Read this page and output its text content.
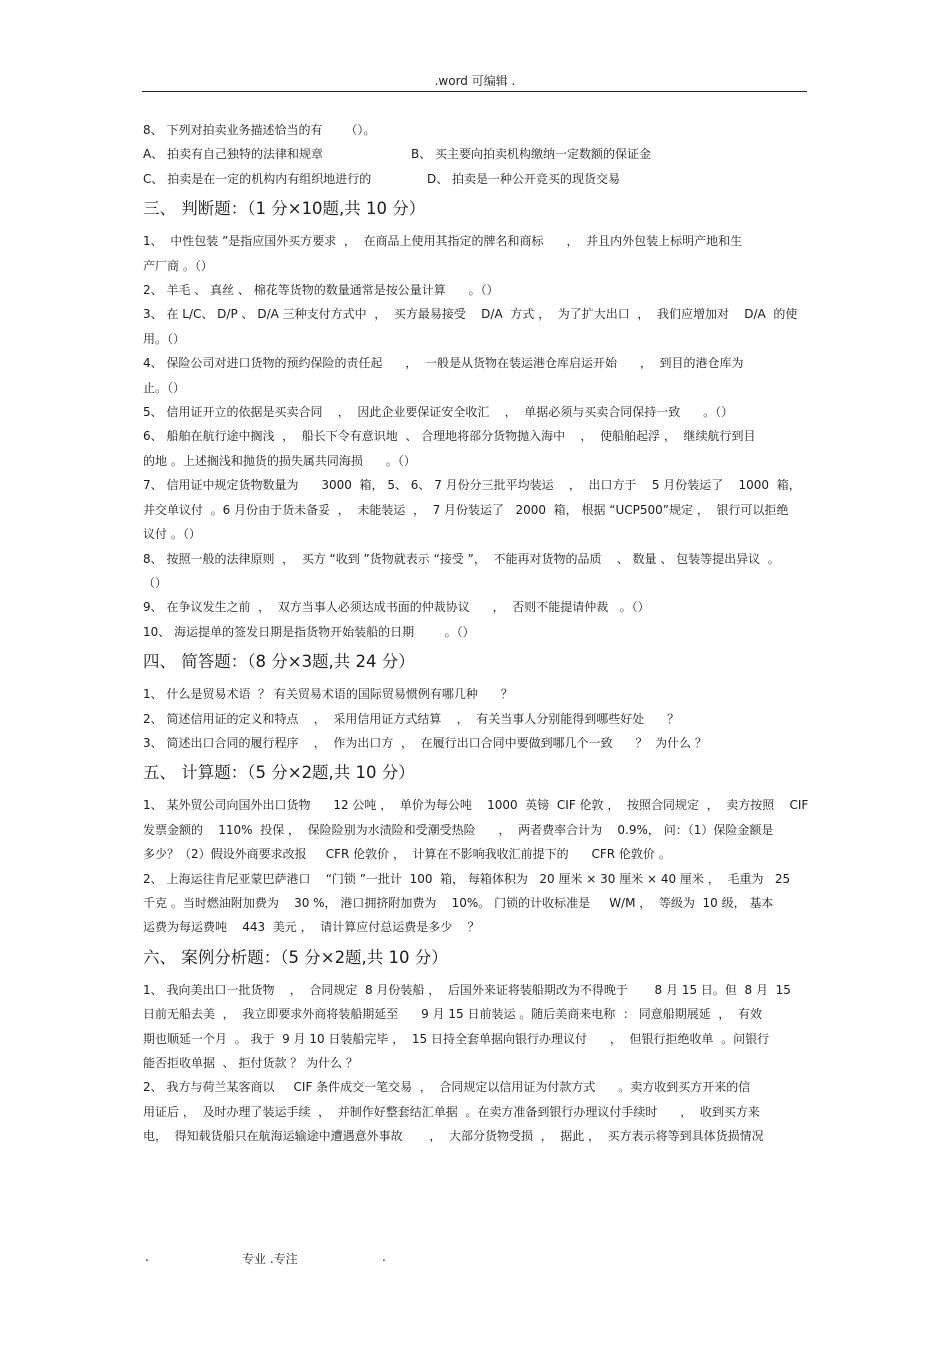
.word 可编辑 .

8、 下列对拍卖业务描述恰当的有      （）。

A、 拍卖有自己独特的法律和规章	B、 买主要向拍卖机构缴纳一定数额的保证金
C、 拍卖是在一定的机构内有组织地进行的	D、 拍卖是一种公开竞买的现货交易
三、 判断题：（1 分×10题,共 10 分）

1、  中性包装 ”是指应国外买方要求  ，  在商品上使用其指定的牌名和商标      ，  并且内外包装上标明产地和生

产厂商 。（）

2、 羊毛 、 真丝 、 棉花等货物的数量通常是按公量计算      。（）

3、 在 L/C、 D/P 、 D/A 三种支付方式中  ，  买方最易接受    D/A  方式 ，  为了扩大出口  ，  我们应增加对    D/A  的使

用。（）

4、 保险公司对进口货物的预约保险的责任起      ，  一般是从货物在装运港仓库启运开始      ，  到目的港仓库为

止。（）

5、 信用证开立的依据是买卖合同    ，  因此企业要保证安全收汇    ，  单据必须与买卖合同保持一致      。（）

6、 船舶在航行途中搁浅  ，  船长下令有意识地  、 合理地将部分货物抛入海中    ，  使船舶起浮 ，  继续航行到目

的地 。上述搁浅和抛货的损失属共同海损      。（）

7、 信用证中规定货物数量为      3000  箱， 5、 6、 7 月份分三批平均装运    ，  出口方于    5 月份装运了    1000  箱，

并交单议付  。6 月份由于货未备妥  ，  未能装运  ，  7 月份装运了   2000  箱， 根据 “UCP500”规定 ，  银行可以拒绝

议付 。（）

8、 按照一般的法律原则  ，  买方 “收到 ”货物就表示 “接受 ”，  不能再对货物的品质    、 数量 、 包装等提出异议  。

（）

9、 在争议发生之前  ，  双方当事人必须达成书面的仲裁协议      ，  否则不能提请仲裁   。（）

10、 海运提单的签发日期是指货物开始装船的日期        。（）

四、 简答题：（8 分×3题,共 24 分）

1、 什么是贸易术语  ？ 有关贸易术语的国际贸易惯例有哪几种      ？

2、 简述信用证的定义和特点    ，  采用信用证方式结算    ，  有关当事人分别能得到哪些好处      ？

3、 简述出口合同的履行程序    ，  作为出口方  ，  在履行出口合同中要做到哪几个一致      ？  为什么 ？

五、 计算题：（5 分×2题,共 10 分）

1、 某外贸公司向国外出口货物      12 公吨 ，  单价为每公吨    1000  英镑  CIF 伦敦 ，  按照合同规定  ，  卖方按照    CIF

发票金额的    110%  投保 ，  保险险别为水渍险和受潮受热险      ，  两者费率合计为    0.9%， 问：（1）保险金额是

多少？（2）假设外商要求改报     CFR 伦敦价 ，  计算在不影响我收汇前提下的      CFR 伦敦价 。

2、 上海运往肯尼亚蒙巴萨港口    “门锁 ”一批计  100  箱， 每箱体积为   20 厘米 × 30 厘米 × 40 厘米 ，  毛重为   25

千克 。当时燃油附加费为    30 %， 港口拥挤附加费为    10%。 门锁的计收标准是     W/M ，  等级为  10 级， 基本

运费为每运费吨    443  美元 ，  请计算应付总运费是多少    ？

六、 案例分析题：（5 分×2题,共 10 分）

1、 我向美出口一批货物    ，  合同规定  8 月份装船 ，  后国外来证将装船期改为不得晚于       8 月 15 日。但  8 月  15

日前无船去美  ，  我立即要求外商将装船期延至      9 月 15 日前装运 。随后美商来电称  ： 同意船期展延  ，  有效

期也顺延一个月  。 我于  9 月 10 日装船完毕 ，  15 日持全套单据向银行办理议付      ，  但银行拒绝收单  。问银行

能否拒收单据  、 拒付货款 ？ 为什么 ？

2、 我方与荷兰某客商以     CIF 条件成交一笔交易  ，  合同规定以信用证为付款方式      。卖方收到买方开来的信

用证后 ，  及时办理了装运手续  ，  并制作好整套结汇单据  。在卖方准备到银行办理议付手续时      ，  收到买方来

电，  得知载货船只在航海运输途中遭遇意外事故       ，  大部分货物受损  ，  据此 ，  买方表示将等到具体货损情况

.	专业 .专注	.
